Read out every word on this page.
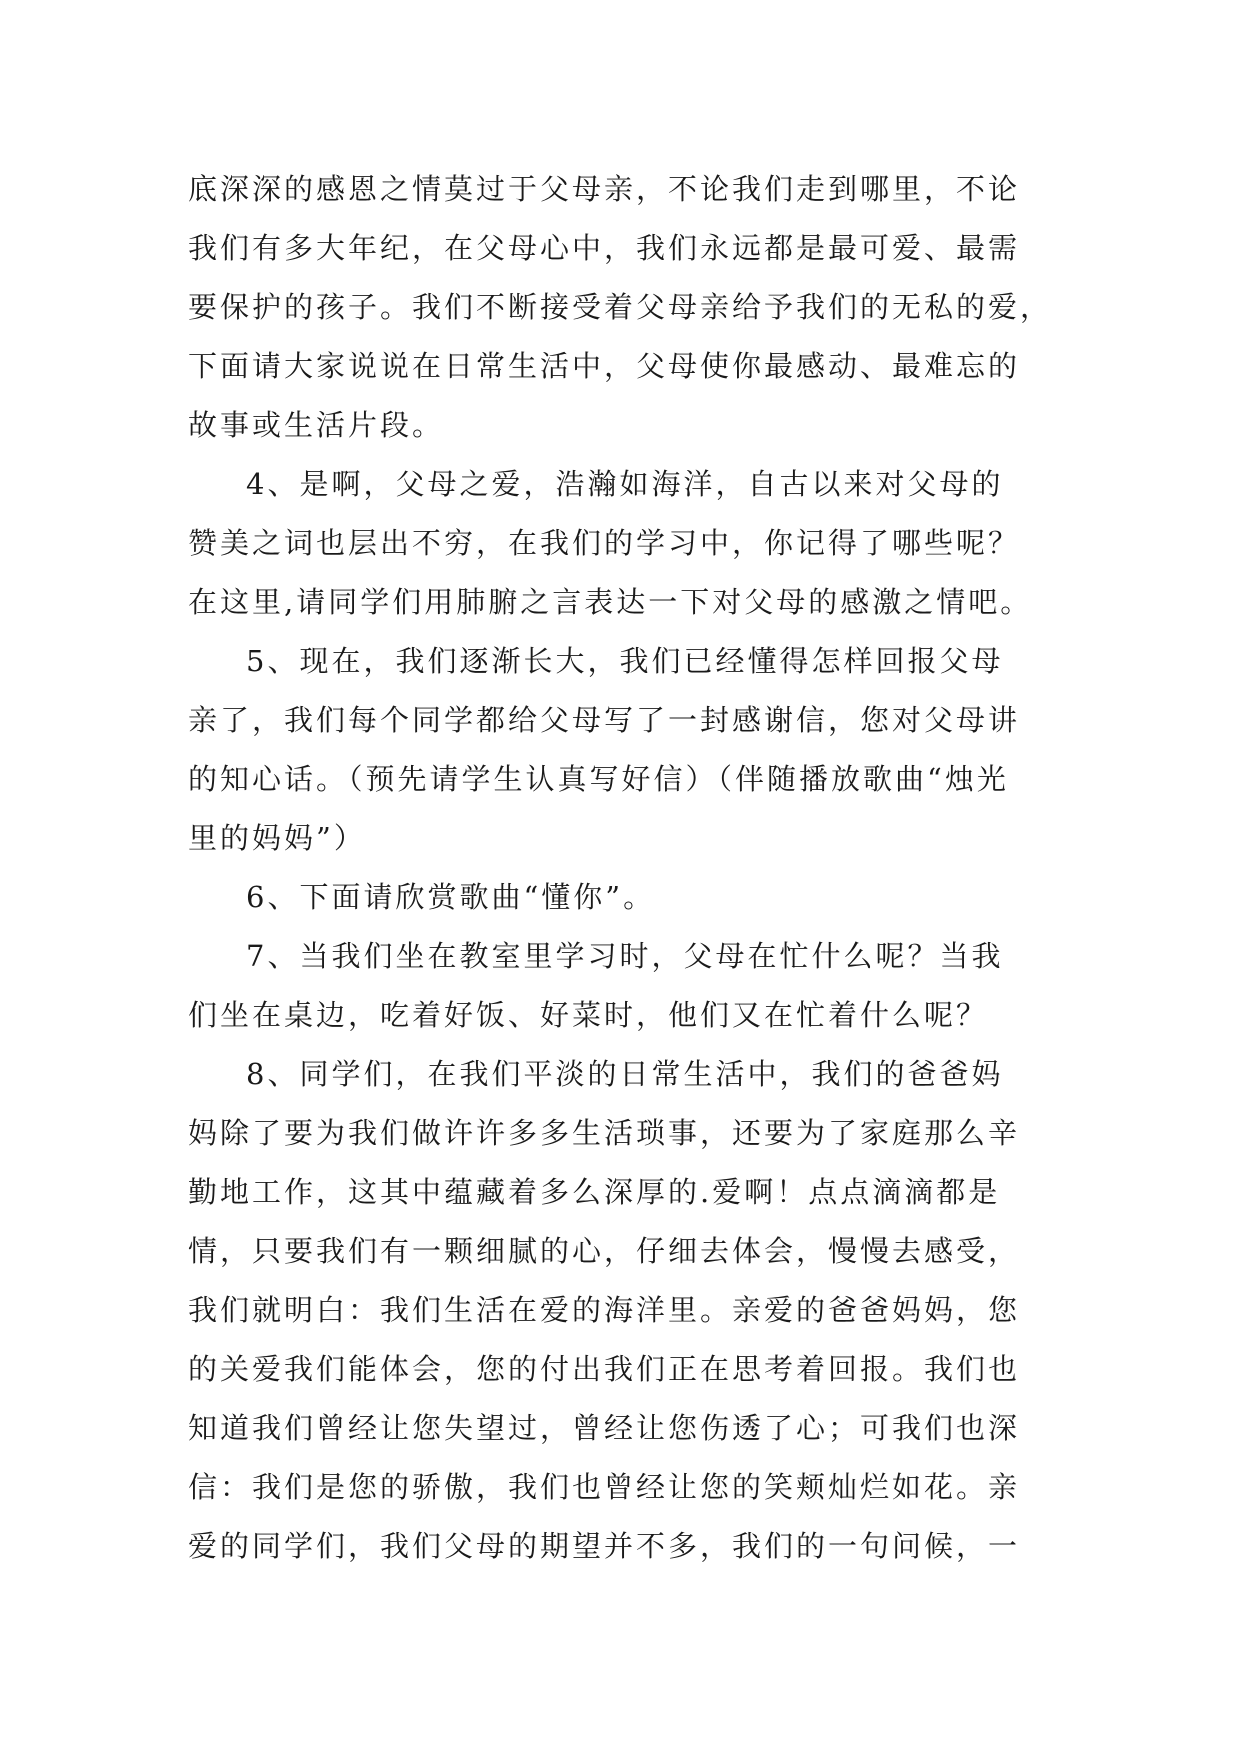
底深深的感恩之情莫过于父母亲，不论我们走到哪里，不论
我们有多大年纪，在父母心中，我们永远都是最可爱、最需
要保护的孩子。我们不断接受着父母亲给予我们的无私的爱，
下面请大家说说在日常生活中，父母使你最感动、最难忘的
故事或生活片段。
4、是啊，父母之爱，浩瀚如海洋，自古以来对父母的
赞美之词也层出不穷，在我们的学习中，你记得了哪些呢？
在这里,请同学们用肺腑之言表达一下对父母的感激之情吧。
5、现在，我们逐渐长大，我们已经懂得怎样回报父母
亲了，我们每个同学都给父母写了一封感谢信，您对父母讲
的知心话。（预先请学生认真写好信）（伴随播放歌曲“烛光
里的妈妈”）
6、下面请欣赏歌曲“懂你”。
7、当我们坐在教室里学习时，父母在忙什么呢？当我
们坐在桌边，吃着好饭、好菜时，他们又在忙着什么呢？
8、同学们，在我们平淡的日常生活中，我们的爸爸妈
妈除了要为我们做许许多多生活琐事，还要为了家庭那么辛
勤地工作，这其中蕴藏着多么深厚的.爱啊！点点滴滴都是
情，只要我们有一颗细腻的心，仔细去体会，慢慢去感受，
我们就明白：我们生活在爱的海洋里。亲爱的爸爸妈妈，您
的关爱我们能体会，您的付出我们正在思考着回报。我们也
知道我们曾经让您失望过，曾经让您伤透了心；可我们也深
信：我们是您的骄傲，我们也曾经让您的笑颊灿烂如花。亲
爱的同学们，我们父母的期望并不多，我们的一句问候，一
